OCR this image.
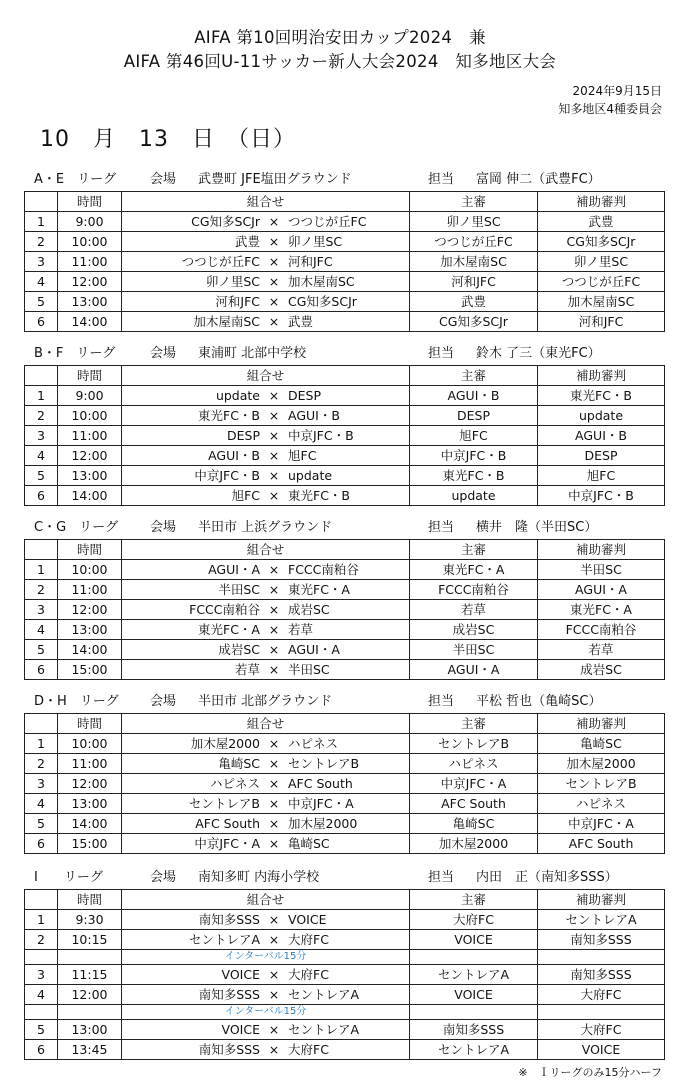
AIFA 第10回明治安田カップ2024　兼
AIFA 第46回U-11サッカー新人大会2024　知多地区大会
2024年9月15日
知多地区4種委員会
10　月　13　日　（日）
A・E　リーグ	会場 武豊町 JFE塩田グラウンド	担当 富岡 伸二（武豊FC）
	時間	組合せ	主審	補助審判
1	9:00	CG知多SCJr × つつじが丘FC	卯ノ里SC	武豊
2	10:00	武豊 × 卯ノ里SC	つつじが丘FC	CG知多SCJr
3	11:00	つつじが丘FC × 河和JFC	加木屋南SC	卯ノ里SC
4	12:00	卯ノ里SC × 加木屋南SC	河和JFC	つつじが丘FC
5	13:00	河和JFC × CG知多SCJr	武豊	加木屋南SC
6	14:00	加木屋南SC × 武豊	CG知多SCJr	河和JFC
B・F　リーグ	会場 東浦町 北部中学校	担当 鈴木 了三（東光FC）
	時間	組合せ	主審	補助審判
1	9:00	update × DESP	AGUI・B	東光FC・B
2	10:00	東光FC・B × AGUI・B	DESP	update
3	11:00	DESP × 中京JFC・B	旭FC	AGUI・B
4	12:00	AGUI・B × 旭FC	中京JFC・B	DESP
5	13:00	中京JFC・B × update	東光FC・B	旭FC
6	14:00	旭FC × 東光FC・B	update	中京JFC・B
C・G　リーグ 会場 半田市 上浜グラウンド	担当 横井　隆（半田SC）
	時間	組合せ	主審	補助審判
1	10:00	AGUI・A × FCCC南粕谷	東光FC・A	半田SC
2	11:00	半田SC × 東光FC・A	FCCC南粕谷	AGUI・A
3	12:00	FCCC南粕谷 × 成岩SC	若草	東光FC・A
4	13:00	東光FC・A × 若草	成岩SC	FCCC南粕谷
5	14:00	成岩SC × AGUI・A	半田SC	若草
6	15:00	若草 × 半田SC	AGUI・A	成岩SC
D・H　リーグ 会場 半田市 北部グラウンド	担当 平松 哲也（亀崎SC）
	時間	組合せ	主審	補助審判
1	10:00	加木屋2000 × ハピネス	セントレアB	亀崎SC
2	11:00	亀崎SC × セントレアB	ハピネス	加木屋2000
3	12:00	ハピネス × AFC South	中京JFC・A	セントレアB
4	13:00	セントレアB × 中京JFC・A	AFC South	ハピネス
5	14:00	AFC South × 加木屋2000	亀崎SC	中京JFC・A
6	15:00	中京JFC・A × 亀崎SC	加木屋2000	AFC South
I　　リーグ	会場 南知多町 内海小学校	担当 内田　正（南知多SSS）
	時間	組合せ	主審	補助審判
1	9:30	南知多SSS × VOICE	大府FC	セントレアA
2	10:15	セントレアA × 大府FC	VOICE	南知多SSS
		インターバル15分		
3	11:15	VOICE × 大府FC	セントレアA	南知多SSS
4	12:00	南知多SSS × セントレアA	VOICE	大府FC
		インターバル15分		
5	13:00	VOICE × セントレアA	南知多SSS	大府FC
6	13:45	南知多SSS × 大府FC	セントレアA	VOICE
※　Ｉリーグのみ15分ハーフ
